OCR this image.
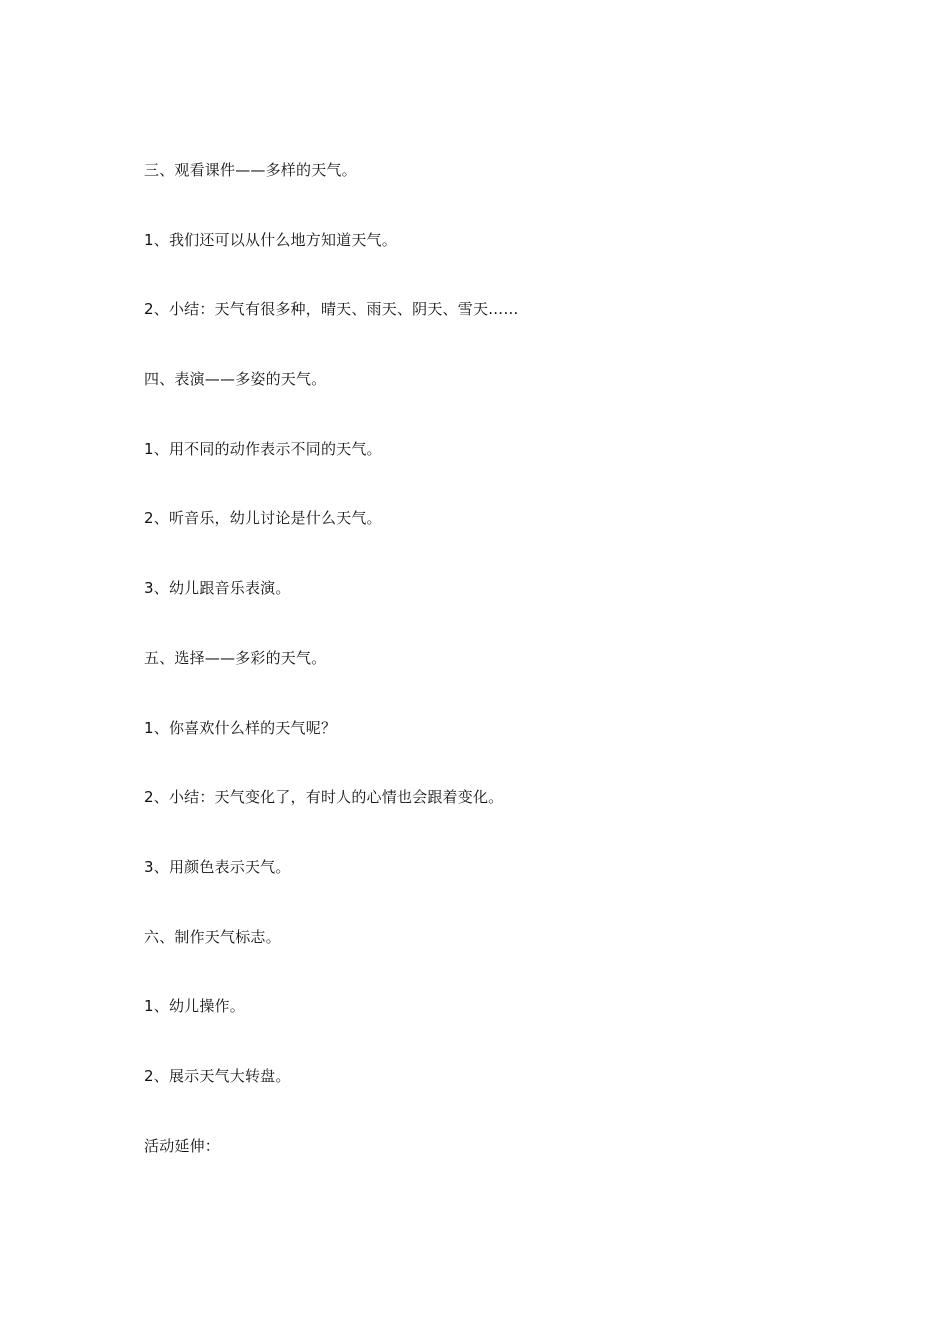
三、观看课件——多样的天气。
1、我们还可以从什么地方知道天气。
2、小结：天气有很多种，晴天、雨天、阴天、雪天……
四、表演——多姿的天气。
1、用不同的动作表示不同的天气。
2、听音乐，幼儿讨论是什么天气。
3、幼儿跟音乐表演。
五、选择——多彩的天气。
1、你喜欢什么样的天气呢？
2、小结：天气变化了，有时人的心情也会跟着变化。
3、用颜色表示天气。
六、制作天气标志。
1、幼儿操作。
2、展示天气大转盘。
活动延伸：
